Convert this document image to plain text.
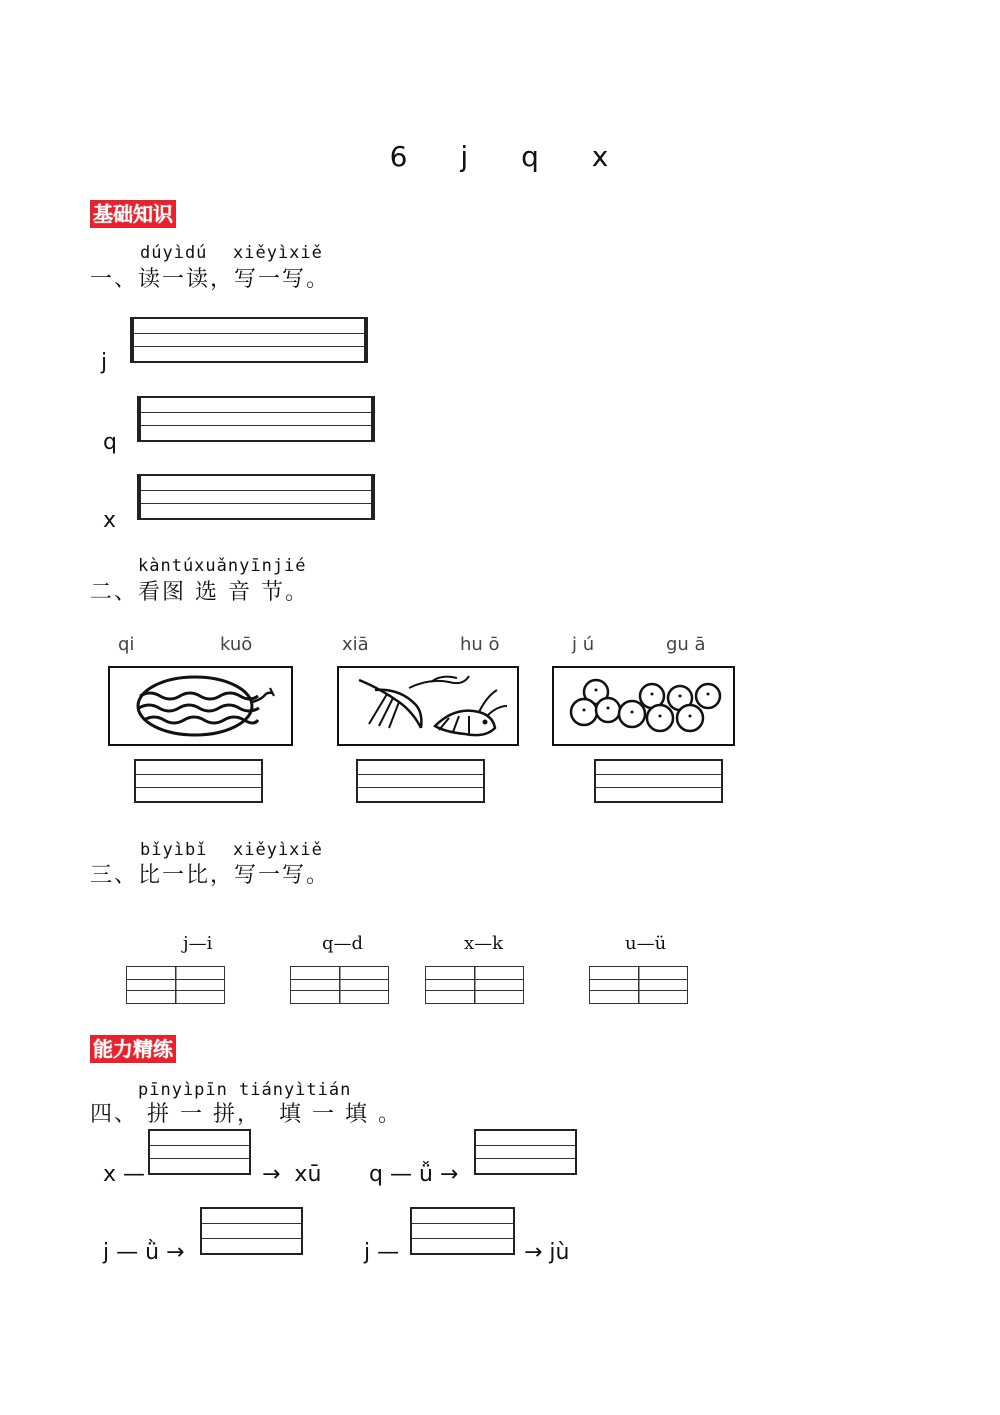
6 j q x
基础知识
dúyìdú xiěyìxiě
一、读一读，写一写。
j
q
x
kàntúxuǎnyīnjié
二、看图 选 音 节。
qi	kuō	xiā	hu ō	j ú	gu ā
bǐyìbǐ xiěyìxiě
三、比一比，写一写。
j—i	q—d	x—k	u—ü
能力精练
pīnyìpīn tiányìtián
四、 拼 一 拼，  填 一 填 。
x —	→  xū q — ǚ →
j — ǜ →	j —	→ jù
